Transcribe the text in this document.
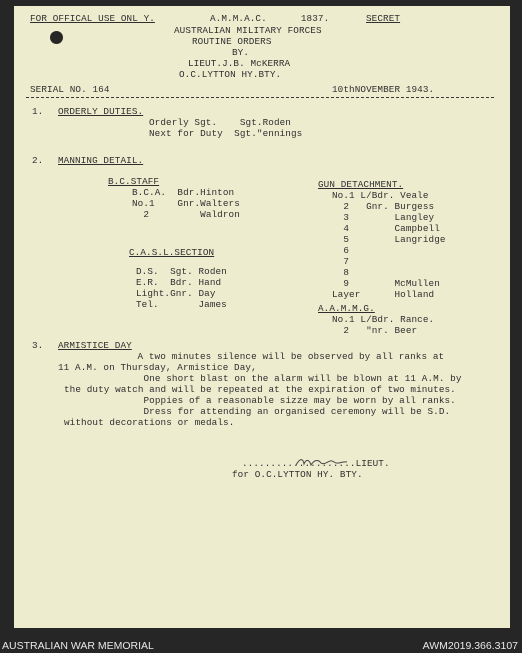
FOR OFFICAL USE ONL Y.	A.M.M.A.C.      1837.	SECRET
AUSTRALIAN MILITARY FORCES
ROUTINE ORDERS
BY.
LIEUT.J.B. McKERRA
O.C.LYTTON HY.BTY.
SERIAL NO. 164	10thNOVEMBER 1943.
1. ORDERLY DUTIES.
Orderly Sgt.    Sgt.Roden
Next for Duty  Sgt."ennings
2. MANNING DETAIL.
B.C.STAFF
B.C.A.  Bdr.Hinton
No.1    Gnr.Walters
2         Waldron
C.A.S.L.SECTION
D.S.  Sgt. Roden
E.R.  Bdr. Hand
Light.Gnr. Day
Tel.       James
GUN DETACHMENT.
No.1 L/Bdr. Veale
2   Gnr. Burgess
3        Langley
4        Campbell
5        Langridge
6
7
8
9        McMullen
Layer      Holland
A.A.M.M.G.
No.1 L/Bdr. Rance.
2   "nr. Beer
3. ARMISTICE DAY
A two minutes silence will be observed by all ranks at
11 A.M. on Thursday, Armistice Day,
One short blast on the alarm will be blown at 11 A.M. by
the duty watch and will be repeated at the expiration of two minutes.
Poppies of a reasonable sizze may be worn by all ranks.
Dress for attending an organised ceremony will be S.D.
without decorations or medals.
....................LIEUT.
for O.C.LYTTON HY. BTY.
AUSTRALIAN WAR MEMORIAL	AWM2019.366.3107
